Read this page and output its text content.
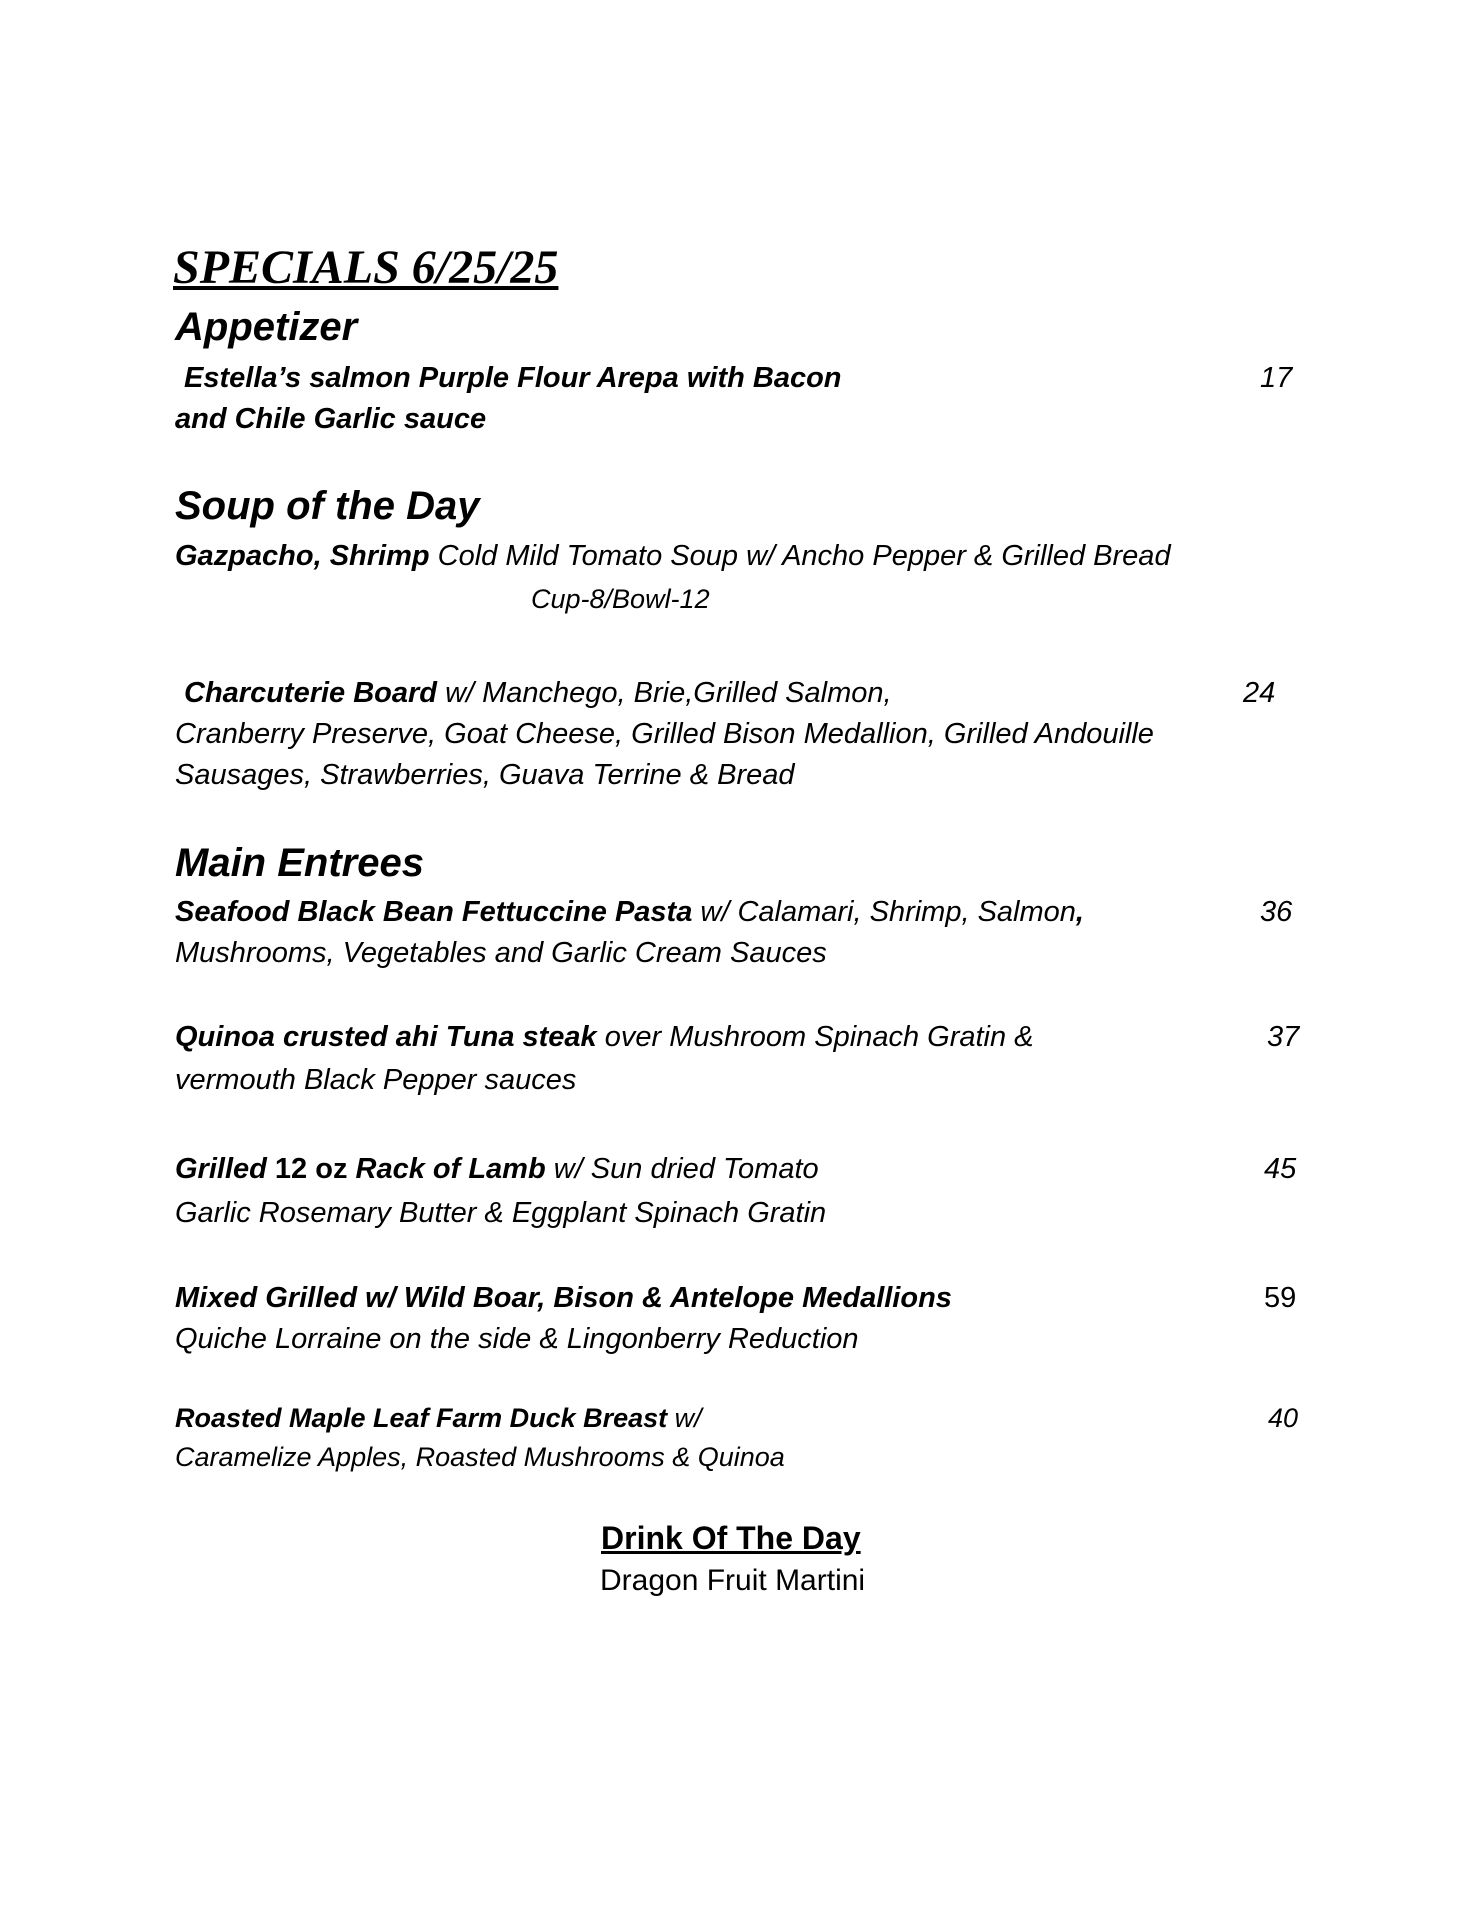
SPECIALS 6/25/25
Appetizer
Estella’s salmon Purple Flour Arepa with Bacon
and Chile Garlic sauce
17
Soup of the Day
Gazpacho, Shrimp Cold Mild Tomato Soup w/ Ancho Pepper & Grilled Bread
Cup-8/Bowl-12
Charcuterie Board w/ Manchego, Brie,Grilled Salmon,
Cranberry Preserve, Goat Cheese, Grilled Bison Medallion, Grilled Andouille
Sausages, Strawberries, Guava Terrine & Bread
24
Main Entrees
Seafood Black Bean Fettuccine Pasta w/ Calamari, Shrimp, Salmon,
Mushrooms, Vegetables and Garlic Cream Sauces
36
Quinoa crusted ahi Tuna steak over Mushroom Spinach Gratin &
vermouth Black Pepper sauces
37
Grilled 12 oz Rack of Lamb w/ Sun dried Tomato
Garlic Rosemary Butter & Eggplant Spinach Gratin
45
Mixed Grilled w/ Wild Boar, Bison & Antelope Medallions
Quiche Lorraine on the side & Lingonberry Reduction
59
Roasted Maple Leaf Farm Duck Breast w/
Caramelize Apples, Roasted Mushrooms & Quinoa
40
Drink Of The Day
Dragon Fruit Martini
